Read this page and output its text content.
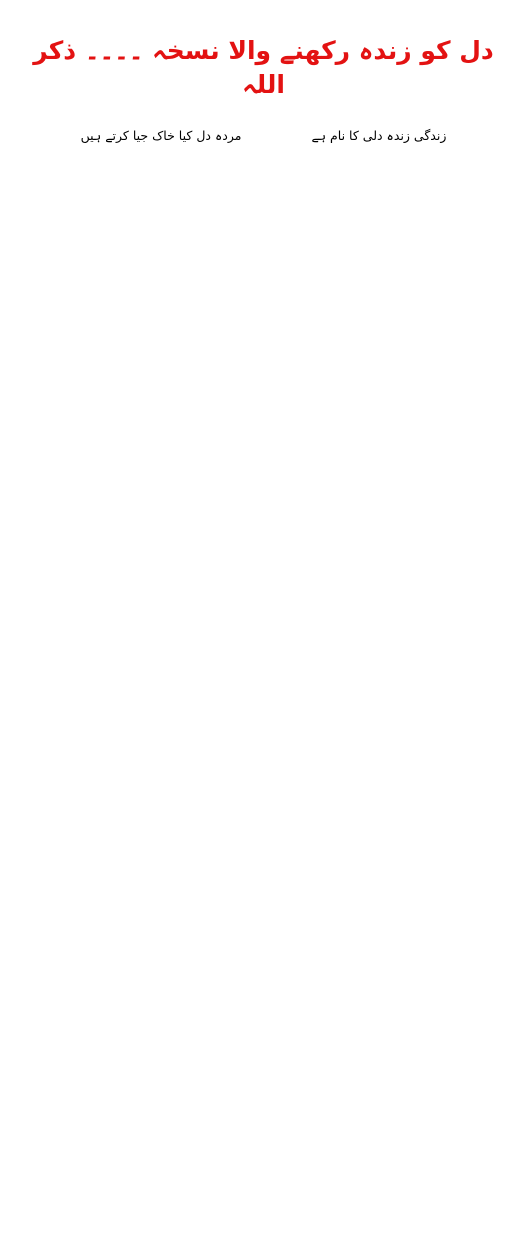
دل کو زندہ رکھنے والا نسخہ ۔۔۔۔ ذکر اللہ
زندگی زندہ دلی کا نام ہے
مردہ دل کیا خاک جیا کرتے ہیں
